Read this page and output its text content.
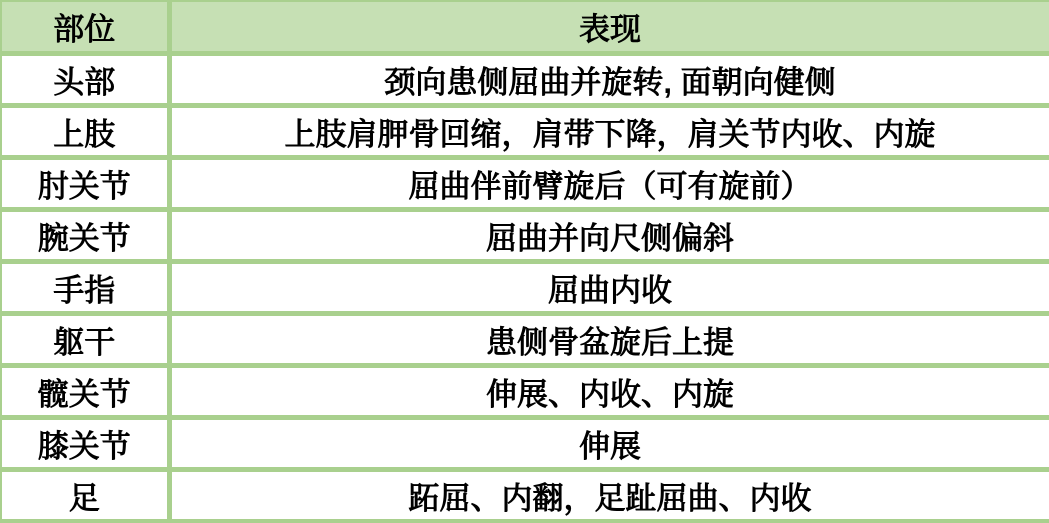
部位	表现
头部	颈向患侧屈曲并旋转, 面朝向健侧
上肢	上肢肩胛骨回缩，肩带下降，肩关节内收、内旋
肘关节	屈曲伴前臂旋后（可有旋前）
腕关节	屈曲并向尺侧偏斜
手指	屈曲内收
躯干	患侧骨盆旋后上提
髋关节	伸展、内收、内旋
膝关节	伸展
足	跖屈、内翻，足趾屈曲、内收
